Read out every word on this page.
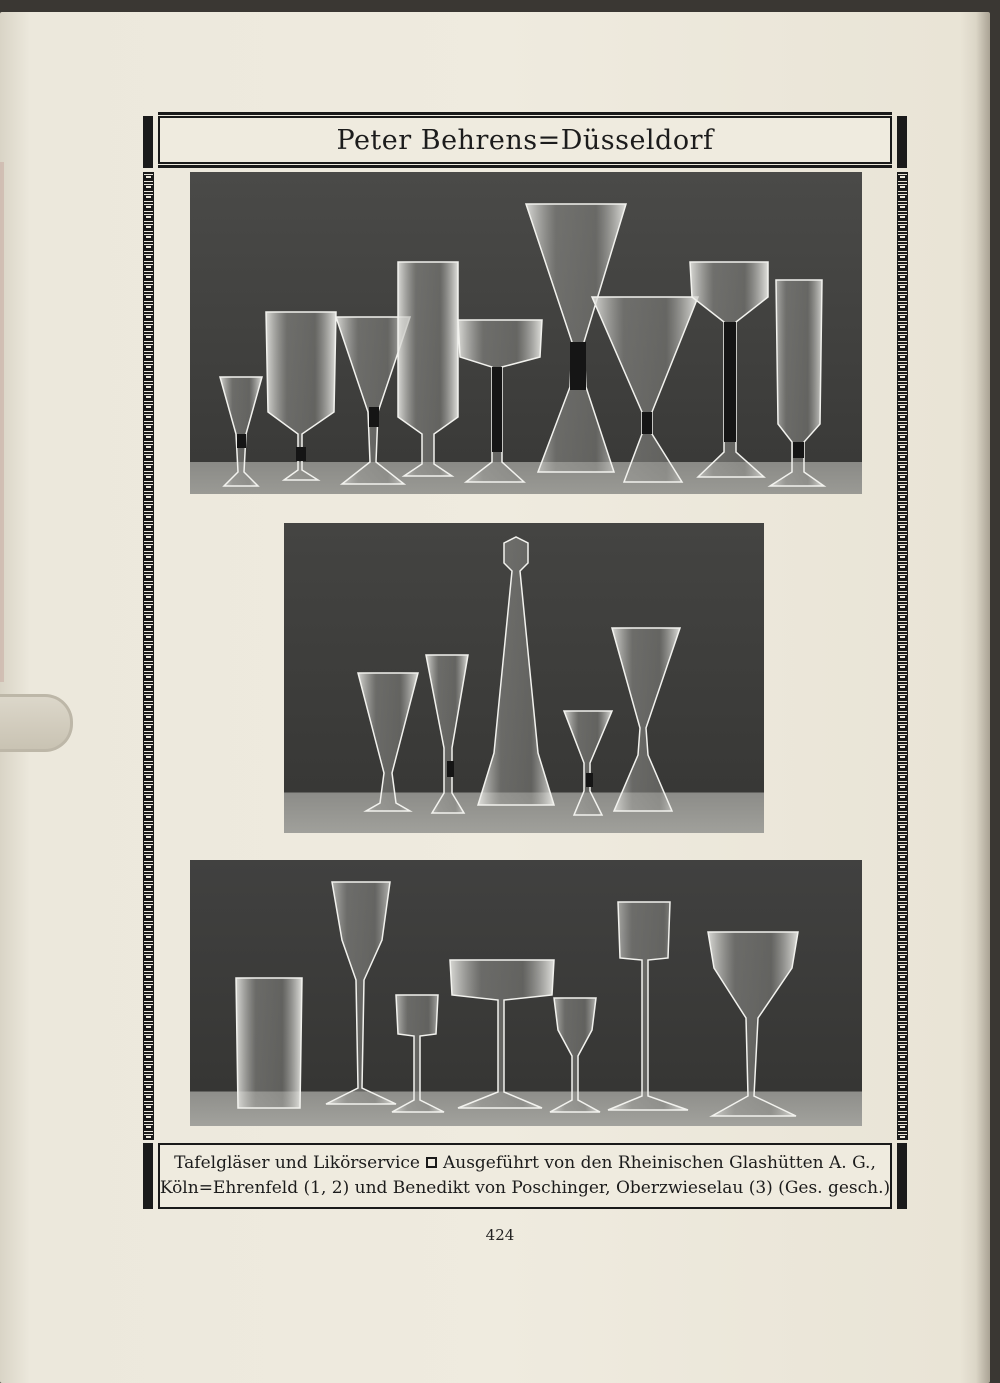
Peter Behrens=Düsseldorf
Tafelgläser und Likörservice Ausgeführt von den Rheinischen Glashütten A. G.,
Köln=Ehrenfeld (1, 2) und Benedikt von Poschinger, Oberzwieselau (3) (Ges. gesch.)
424
